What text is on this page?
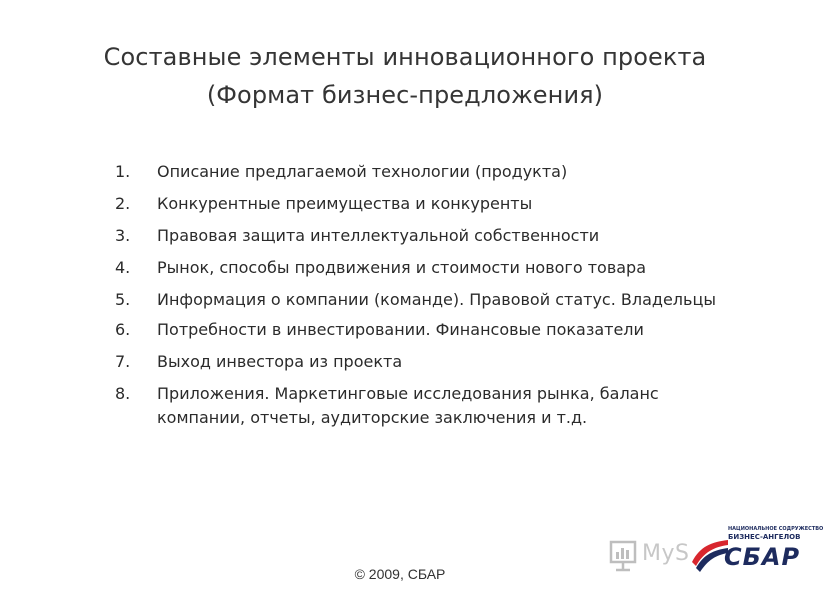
Составные элементы инновационного проекта
(Формат бизнес-предложения)
1.	Описание предлагаемой технологии (продукта)
2.	Конкурентные преимущества и конкуренты
3.	Правовая защита интеллектуальной собственности
4.	Рынок, способы продвижения и стоимости нового товара
5.	Информация о компании (команде). Правовой статус. Владельцы
6.	Потребности в инвестировании. Финансовые показатели
7.	Выход инвестора из проекта
8.	Приложения. Маркетинговые исследования рынка, баланс компании, отчеты, аудиторские заключения и т.д.
MyS
НАЦИОНАЛЬНОЕ СОДРУЖЕСТВО
БИЗНЕС-АНГЕЛОВ
СБАР
© 2009, СБАР
